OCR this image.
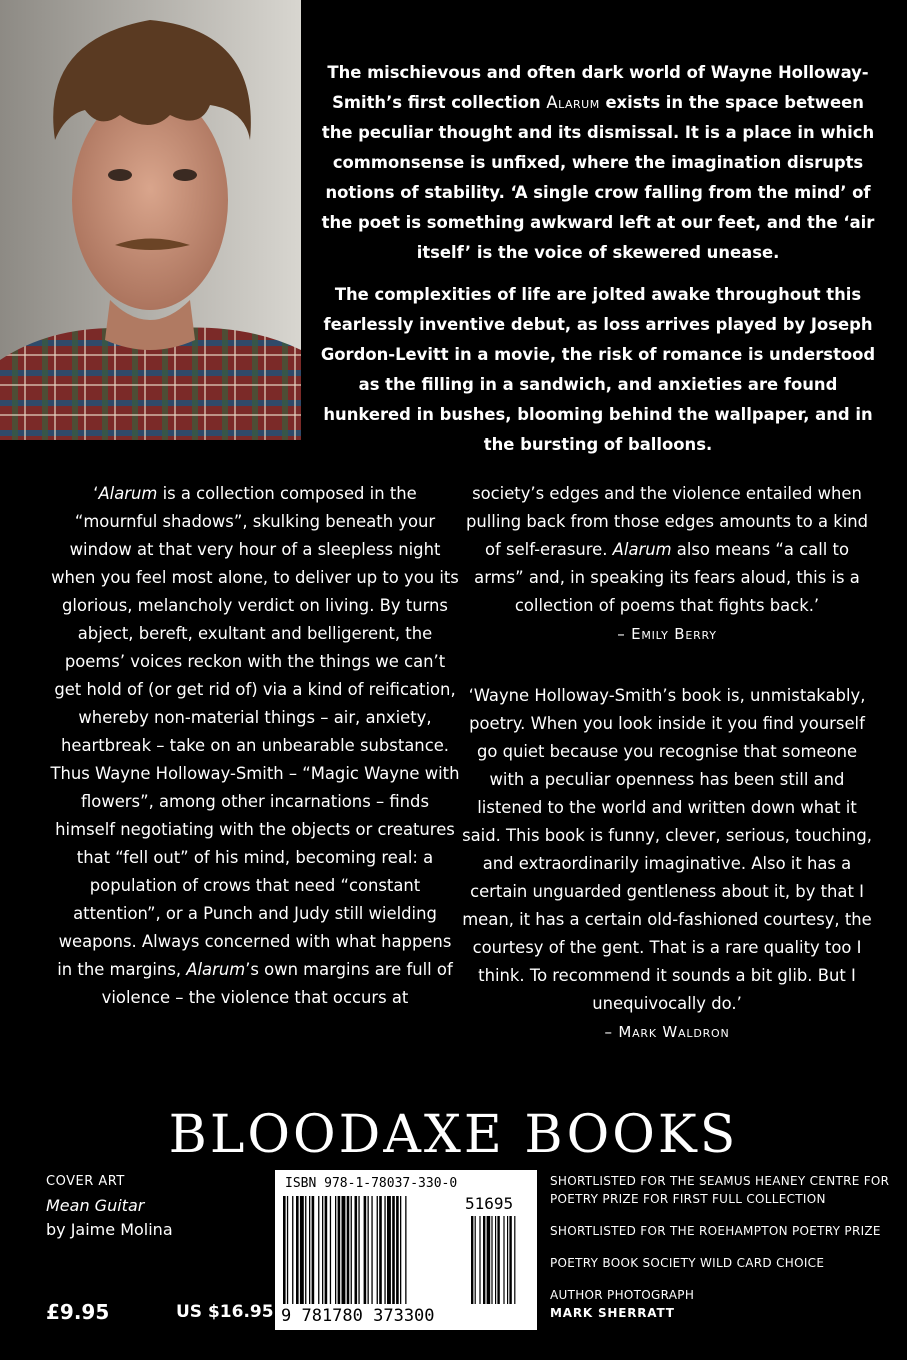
The mischievous and often dark world of Wayne Holloway-Smith’s first collection Alarum exists in the space between the peculiar thought and its dismissal. It is a place in which commonsense is unfixed, where the imagination disrupts notions of stability. ‘A single crow falling from the mind’ of the poet is something awkward left at our feet, and the ‘air itself’ is the voice of skewered unease.

The complexities of life are jolted awake throughout this fearlessly inventive debut, as loss arrives played by Joseph Gordon-Levitt in a movie, the risk of romance is understood as the filling in a sandwich, and anxieties are found hunkered in bushes, blooming behind the wallpaper, and in the bursting of balloons.

‘Alarum is a collection composed in the “mournful shadows”, skulking beneath your window at that very hour of a sleepless night when you feel most alone, to deliver up to you its glorious, melancholy verdict on living. By turns abject, bereft, exultant and belligerent, the poems’ voices reckon with the things we can’t get hold of (or get rid of) via a kind of reification, whereby non-material things – air, anxiety, heartbreak – take on an unbearable substance. Thus Wayne Holloway-Smith – “Magic Wayne with flowers”, among other incarnations – finds himself negotiating with the objects or creatures that “fell out” of his mind, becoming real: a population of crows that need “constant attention”, or a Punch and Judy still wielding weapons. Always concerned with what happens in the margins, Alarum’s own margins are full of violence – the violence that occurs at

society’s edges and the violence entailed when pulling back from those edges amounts to a kind of self-erasure. Alarum also means “a call to arms” and, in speaking its fears aloud, this is a collection of poems that fights back.’

– Emily Berry

‘Wayne Holloway-Smith’s book is, unmistakably, poetry. When you look inside it you find yourself go quiet because you recognise that someone with a peculiar openness has been still and listened to the world and written down what it said. This book is funny, clever, serious, touching, and extraordinarily imaginative. Also it has a certain unguarded gentleness about it, by that I mean, it has a certain old-fashioned courtesy, the courtesy of the gent. That is a rare quality too I think. To recommend it sounds a bit glib. But I unequivocally do.’

– Mark Waldron

BLOODAXE BOOKS
COVER ART
Mean Guitar
by Jaime Molina
£9.95	US $16.95
ISBN 978-1-78037-330-0
51695
9 781780 373300
SHORTLISTED FOR THE SEAMUS HEANEY CENTRE FOR POETRY PRIZE FOR FIRST FULL COLLECTION
SHORTLISTED FOR THE ROEHAMPTON POETRY PRIZE
POETRY BOOK SOCIETY WILD CARD CHOICE
AUTHOR PHOTOGRAPH
MARK SHERRATT
